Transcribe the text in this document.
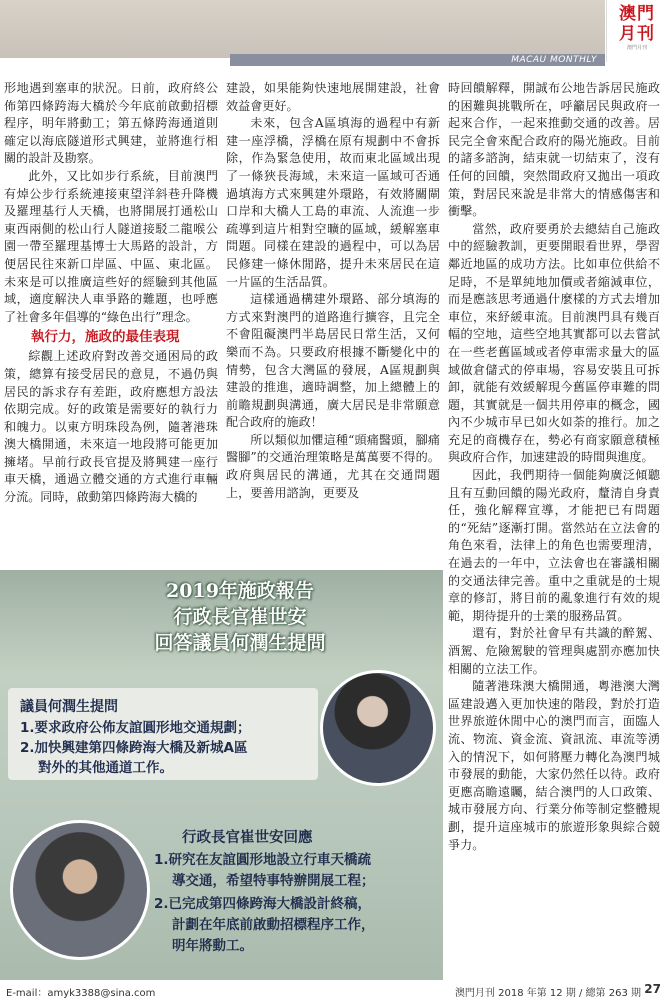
MACAU MONTHLY
澳門
月刊
澳門月刊

形地遇到塞車的狀況。日前，政府終公佈第四條跨海大橋於今年底前啟動招標程序，明年將動工；第五條跨海通道則確定以海底隧道形式興建，並將進行相關的設計及勘察。

此外，又比如步行系統，目前澳門有焯公步行系統連接東望洋斜巷升降機及羅理基行人天橋，也將開展打通松山東西兩側的松山行人隧道接駁二龍喉公園一帶至羅理基博士大馬路的設計，方便居民往來新口岸區、中區、東北區。未來是可以推廣這些好的經驗到其他區域，適度解決人車爭路的難題，也呼應了社會多年倡導的“綠色出行”理念。

執行力，施政的最佳表現

綜觀上述政府對改善交通困局的政策，總算有接受居民的意見，不過仍與居民的訴求存有差距，政府應想方設法依期完成。好的政策是需要好的執行力和魄力。以東方明珠段為例，隨著港珠澳大橋開通，未來這一地段將可能更加擁堵。早前行政長官提及將興建一座行車天橋，通過立體交通的方式進行車輛分流。同時，啟動第四條跨海大橋的

建設，如果能夠快速地展開建設，社會效益會更好。

未來，包含A區填海的過程中有新建一座浮橋，浮橋在原有規劃中不會拆除，作為緊急使用，故而東北區域出現了一條狹長海域，未來這一區域可否通過填海方式來興建外環路，有效將關閘口岸和大橋人工島的車流、人流進一步疏導到這片相對空曠的區域，緩解塞車問題。同樣在建設的過程中，可以為居民修建一條休閒路，提升未來居民在這一片區的生活品質。

這樣通過構建外環路、部分填海的方式來對澳門的道路進行擴容，且完全不會阻礙澳門半島居民日常生活，又何樂而不為。只要政府根據不斷變化中的情勢，包含大灣區的發展，A區規劃與建設的推進，適時調整，加上總體上的前瞻規劃與溝通，廣大居民是非常願意配合政府的施政！

所以類似加懼這種“頭痛醫頭，腳痛醫腳”的交通治理策略是萬萬要不得的。政府與居民的溝通，尤其在交通問題上，要善用諮詢，更要及

時回饋解釋，開誠布公地告訴居民施政的困難與挑戰所在，呼籲居民與政府一起來合作，一起來推動交通的改善。居民完全會來配合政府的陽光施政。目前的諸多諮詢，結束就一切結束了，沒有任何的回饋，突然間政府又拋出一項政策，對居民來說是非常大的情感傷害和衝擊。

當然，政府要勇於去總結自己施政中的經驗教訓，更要開眼看世界，學習鄰近地區的成功方法。比如車位供給不足時，不是單純地加價或者縮減車位，而是應該思考通過什麼樣的方式去增加車位，來紓緩車流。目前澳門具有幾百幅的空地，這些空地其實都可以去嘗試在一些老舊區域或者停車需求量大的區域做倉儲式的停車場，容易安裝且可拆卸，就能有效緩解現今舊區停車難的問題，其實就是一個共用停車的概念，國內不少城市早已如火如荼的推行。加之充足的商機存在，勢必有商家願意積極與政府合作，加速建設的時間與進度。

因此，我們期待一個能夠廣泛傾聽且有互動回饋的陽光政府，釐清自身責任，強化解釋宣導，才能把已有問題的“死結”逐漸打開。當然站在立法會的角色來看，法律上的角色也需要理清，在過去的一年中，立法會也在審議相關的交通法律完善。重中之重就是的士規章的修訂，將目前的亂象進行有效的規範，期待提升的士業的服務品質。

還有，對於社會早有共識的醉駕、酒駕、危險駕駛的管理與處罰亦應加快相關的立法工作。

隨著港珠澳大橋開通，粵港澳大灣區建設邁入更加快速的階段，對於打造世界旅遊休閒中心的澳門而言，面臨人流、物流、資金流、資訊流、車流等湧入的情況下，如何將壓力轉化為澳門城市發展的動能，大家仍然任以待。政府更應高瞻遠矚，結合澳門的人口政策、城市發展方向、行業分佈等制定整體規劃，提升這座城市的旅遊形象與綜合競爭力。

2019年施政報告
行政長官崔世安
回答議員何潤生提問
議員何潤生提問
1.要求政府公佈友誼圓形地交通規劃；
2.加快興建第四條跨海大橋及新城A區
對外的其他通道工作。
行政長官崔世安回應
1.研究在友誼圓形地設立行車天橋疏
導交通，希望特事特辦開展工程；
2.已完成第四條跨海大橋設計終稿，
計劃在年底前啟動招標程序工作，
明年將動工。
E-mail：amyk3388@sina.com	澳門月刊 2018 年第 12 期 / 總第 263 期 27
